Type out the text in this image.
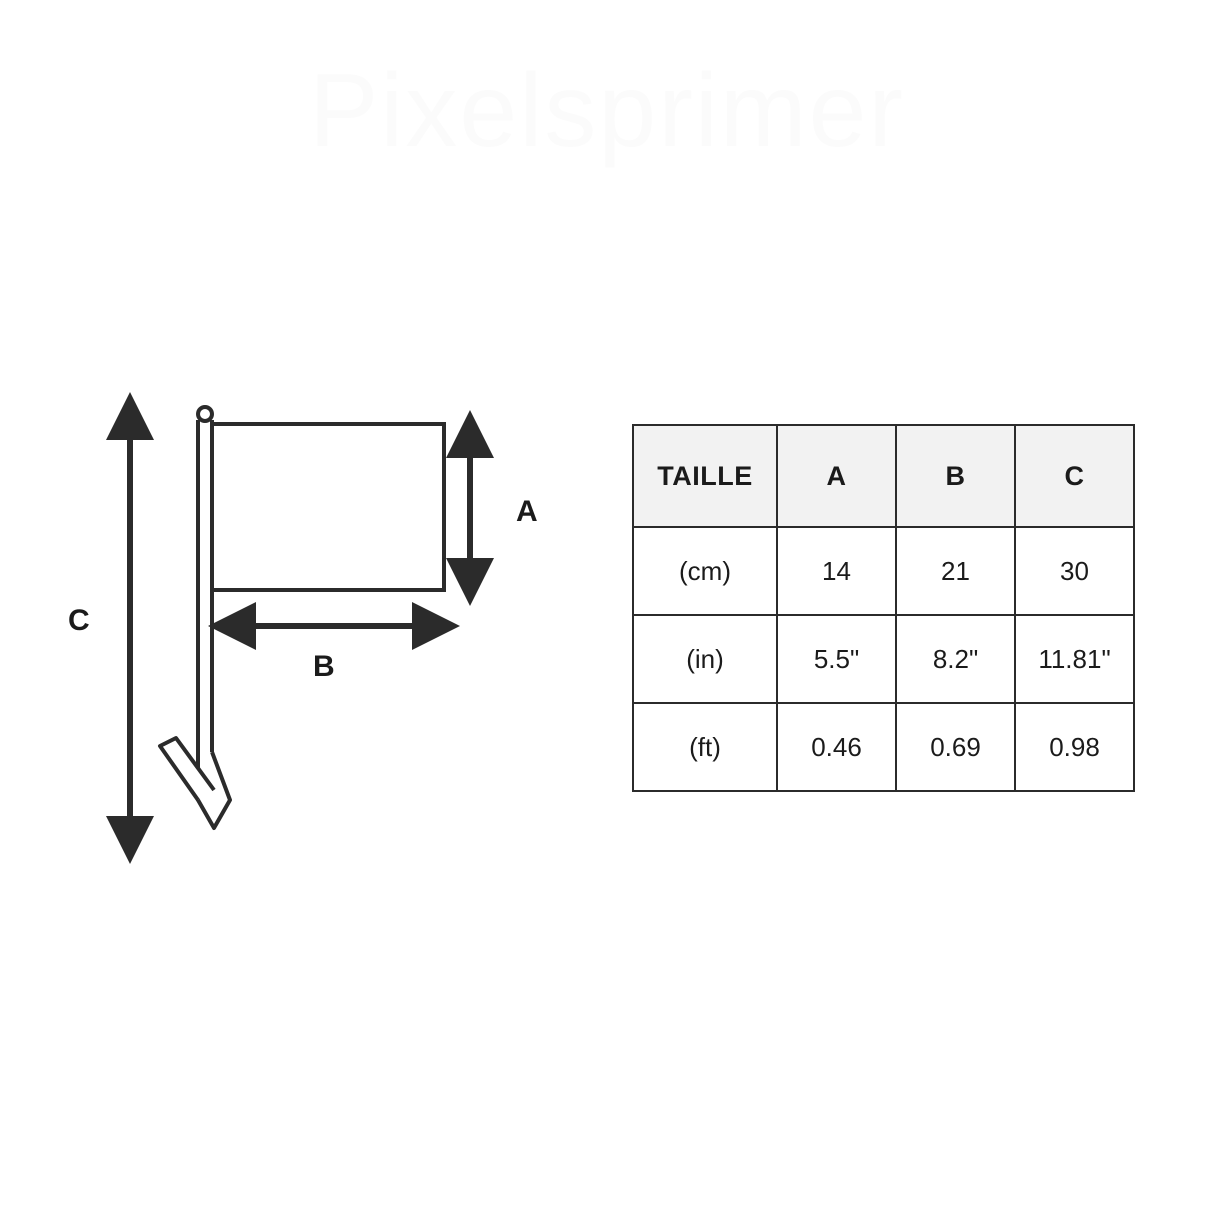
Pixelsprimer
A
B
C
TAILLE	A	B	C
(cm)	14	21	30
(in)	5.5"	8.2"	11.81"
(ft)	0.46	0.69	0.98
